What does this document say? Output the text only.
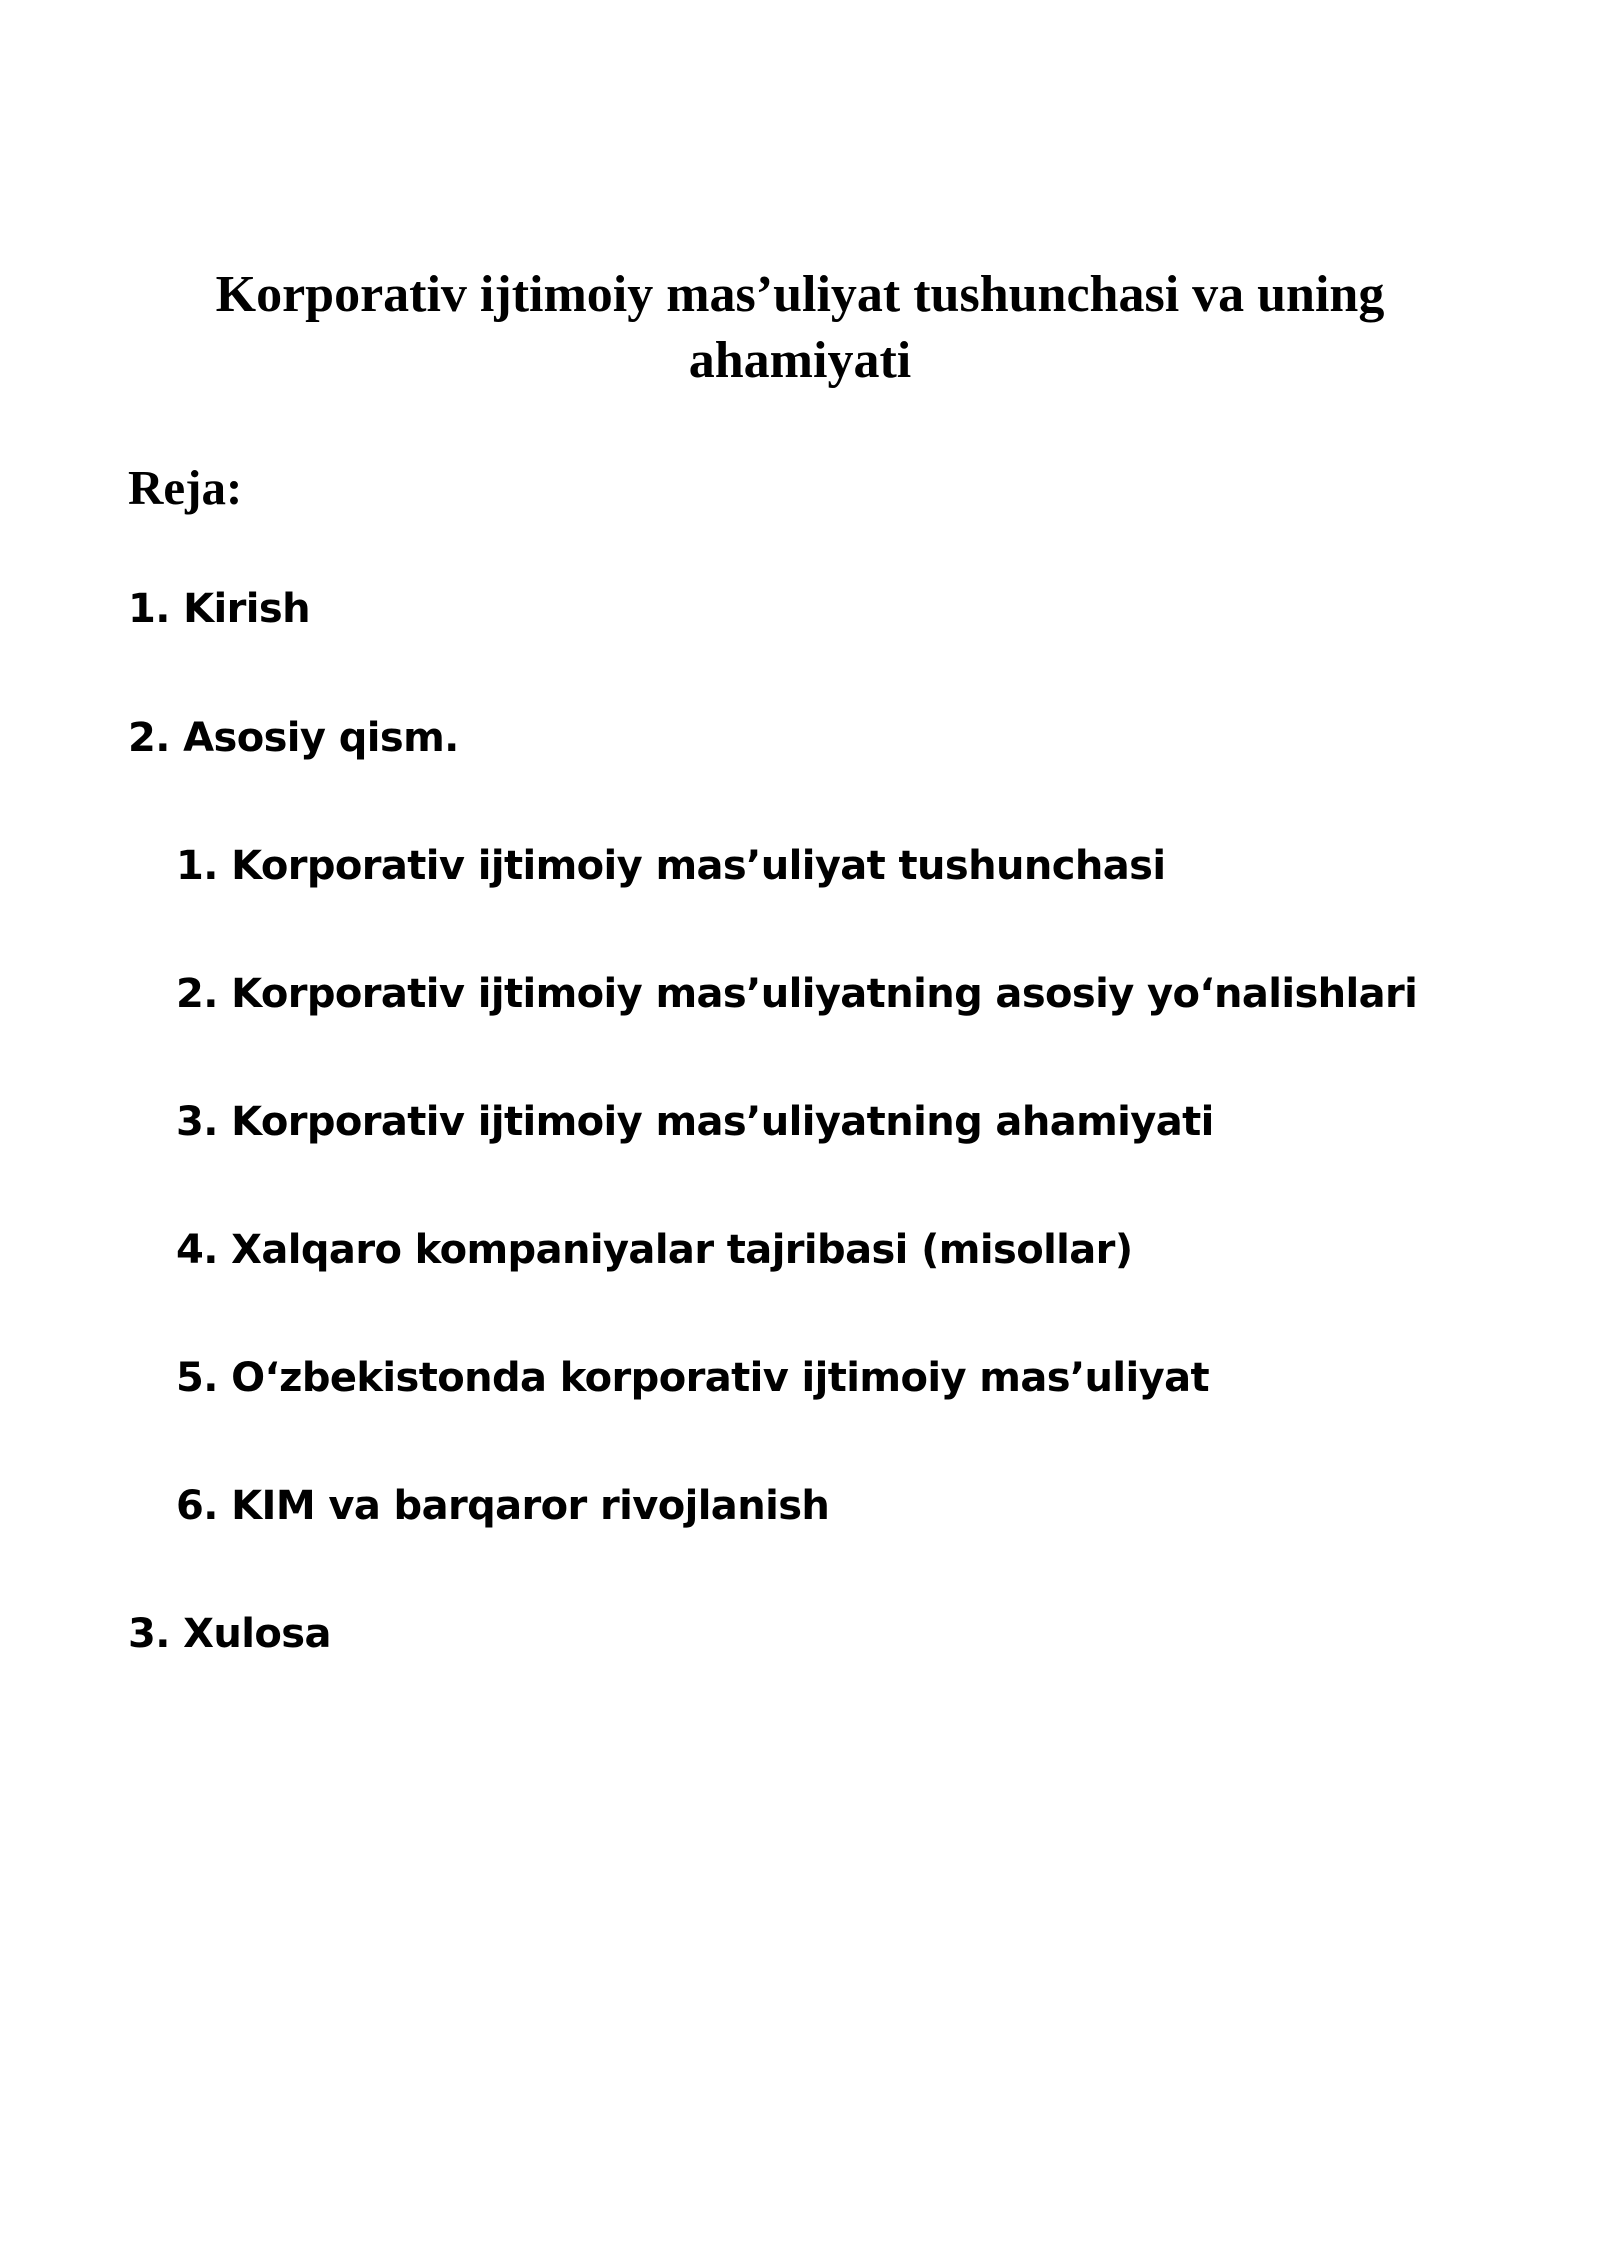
Korporativ ijtimoiy mas’uliyat tushunchasi va uning ahamiyati
Reja:
1. Kirish
2. Asosiy qism.
1. Korporativ ijtimoiy mas’uliyat tushunchasi
2. Korporativ ijtimoiy mas’uliyatning asosiy yo‘nalishlari
3. Korporativ ijtimoiy mas’uliyatning ahamiyati
4. Xalqaro kompaniyalar tajribasi (misollar)
5. O‘zbekistonda korporativ ijtimoiy mas’uliyat
6. KIM va barqaror rivojlanish
3. Xulosa
